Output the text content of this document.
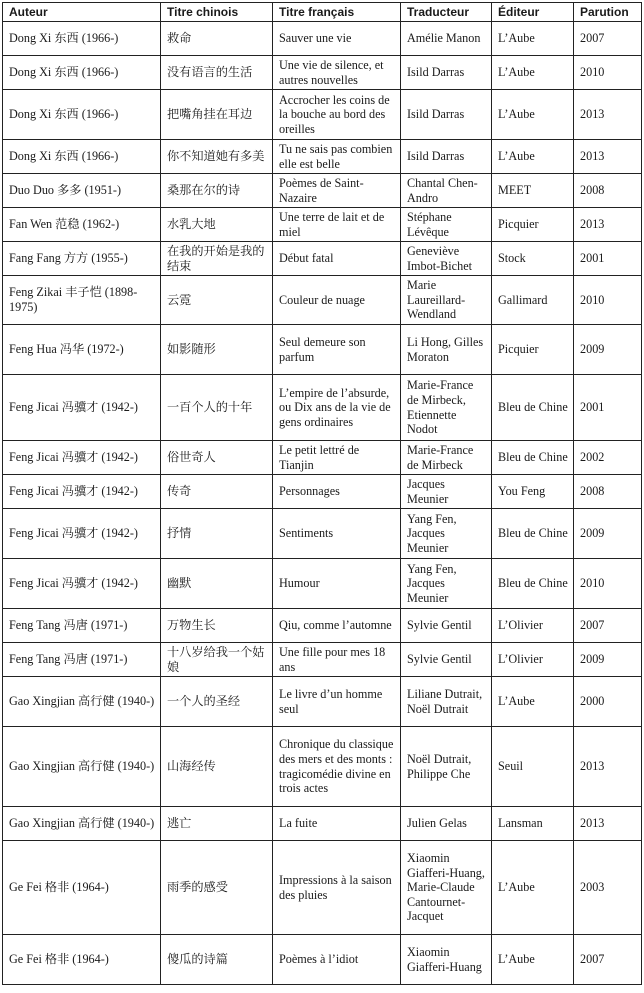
Auteur	Titre chinois	Titre français	Traducteur	Éditeur	Parution
Dong Xi 东西 (1966-)	救命	Sauver une vie	Amélie Manon	L’Aube	2007
Dong Xi 东西 (1966-)	没有语言的生活	Une vie de silence, et autres nouvelles	Isild Darras	L’Aube	2010
Dong Xi 东西 (1966-)	把嘴角挂在耳边	Accrocher les coins de la bouche au bord des oreilles	Isild Darras	L’Aube	2013
Dong Xi 东西 (1966-)	你不知道她有多美	Tu ne sais pas combien elle est belle	Isild Darras	L’Aube	2013
Duo Duo 多多 (1951-)	桑那在尔的诗	Poèmes de Saint-Nazaire	Chantal Chen-Andro	MEET	2008
Fan Wen 范稳 (1962-)	水乳大地	Une terre de lait et de miel	Stéphane Lévêque	Picquier	2013
Fang Fang 方方 (1955-)	在我的开始是我的结束	Début fatal	Geneviève Imbot-Bichet	Stock	2001
Feng Zikai 丰子恺 (1898-1975)	云霓	Couleur de nuage	Marie Laureillard-Wendland	Gallimard	2010
Feng Hua 冯华 (1972-)	如影随形	Seul demeure son parfum	Li Hong, Gilles Moraton	Picquier	2009
Feng Jicai 冯骥才 (1942-)	一百个人的十年	L’empire de l’absurde, ou Dix ans de la vie de gens ordinaires	Marie-France de Mirbeck, Etiennette Nodot	Bleu de Chine	2001
Feng Jicai 冯骥才 (1942-)	俗世奇人	Le petit lettré de Tianjin	Marie-France de Mirbeck	Bleu de Chine	2002
Feng Jicai 冯骥才 (1942-)	传奇	Personnages	Jacques Meunier	You Feng	2008
Feng Jicai 冯骥才 (1942-)	抒情	Sentiments	Yang Fen, Jacques Meunier	Bleu de Chine	2009
Feng Jicai 冯骥才 (1942-)	幽默	Humour	Yang Fen, Jacques Meunier	Bleu de Chine	2010
Feng Tang 冯唐 (1971-)	万物生长	Qiu, comme l’automne	Sylvie Gentil	L’Olivier	2007
Feng Tang 冯唐 (1971-)	十八岁给我一个姑娘	Une fille pour mes 18 ans	Sylvie Gentil	L’Olivier	2009
Gao Xingjian 高行健 (1940-)	一个人的圣经	Le livre d’un homme seul	Liliane Dutrait, Noël Dutrait	L’Aube	2000
Gao Xingjian 高行健 (1940-)	山海经传	Chronique du classique des mers et des monts : tragicomédie divine en trois actes	Noël Dutrait, Philippe Che	Seuil	2013
Gao Xingjian 高行健 (1940-)	逃亡	La fuite	Julien Gelas	Lansman	2013
Ge Fei 格非 (1964-)	雨季的感受	Impressions à la saison des pluies	Xiaomin Giafferi-Huang, Marie-Claude Cantournet-Jacquet	L’Aube	2003
Ge Fei 格非 (1964-)	傻瓜的诗篇	Poèmes à l’idiot	Xiaomin Giafferi-Huang	L’Aube	2007
